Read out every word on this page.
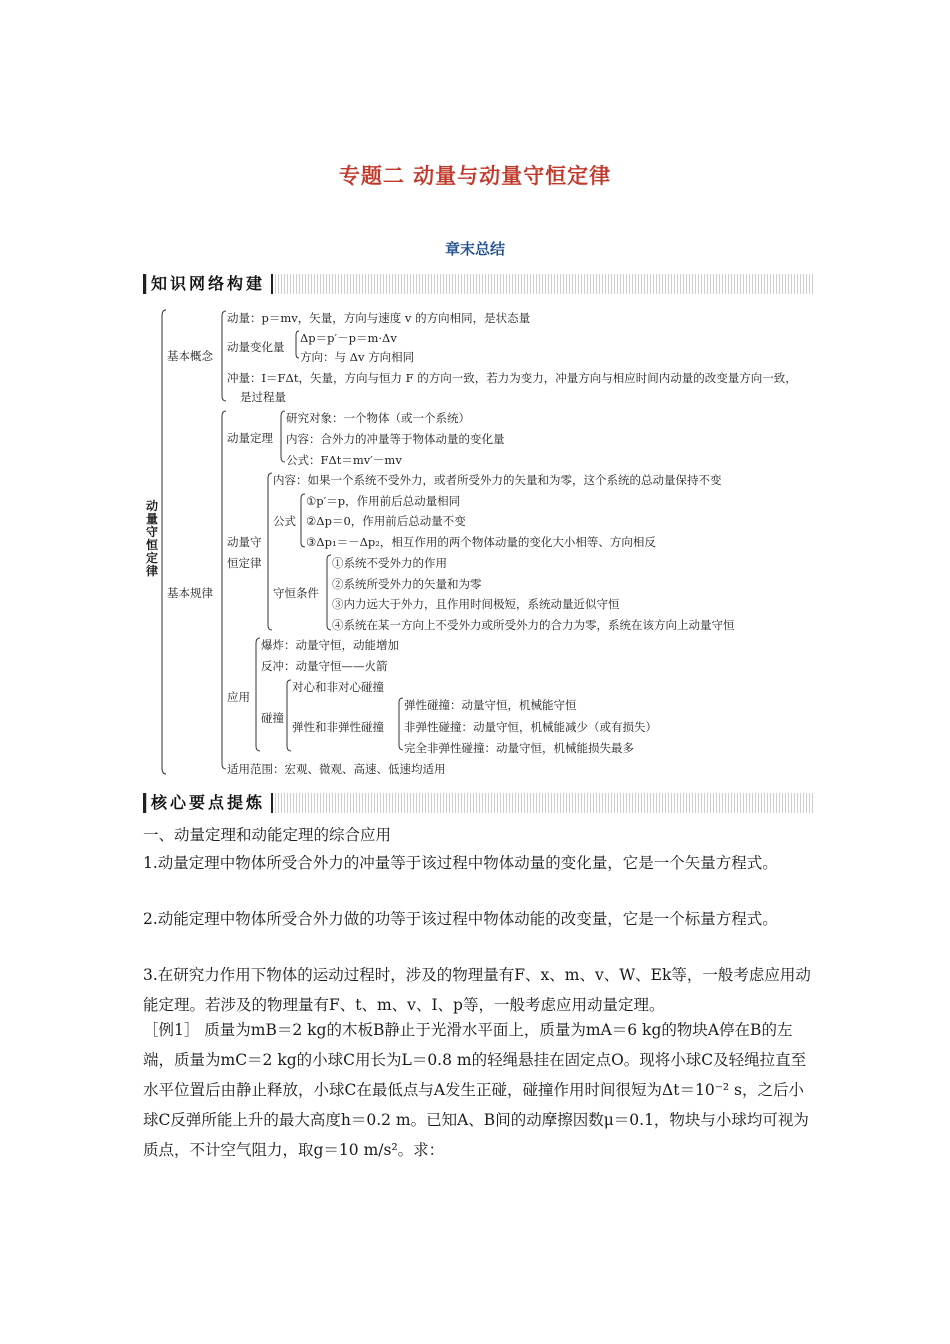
专题二 动量与动量守恒定律
章末总结
知识网络构建
动量守恒定律
基本概念
动量：p＝mv，矢量，方向与速度 v 的方向相同，是状态量
动量变化量
Δp＝p′－p＝m·Δv
方向：与 Δv 方向相同
冲量：I＝FΔt，矢量，方向与恒力 F 的方向一致，若力为变力，冲量方向与相应时间内动量的改变量方向一致，
是过程量
基本规律
动量定理
研究对象：一个物体（或一个系统）
内容：合外力的冲量等于物体动量的变化量
公式：FΔt＝mv′－mv
动量守
恒定律
内容：如果一个系统不受外力，或者所受外力的矢量和为零，这个系统的总动量保持不变
公式
①p′＝p，作用前后总动量相同
②Δp＝0，作用前后总动量不变
③Δp₁＝－Δp₂，相互作用的两个物体动量的变化大小相等、方向相反
守恒条件
①系统不受外力的作用
②系统所受外力的矢量和为零
③内力远大于外力，且作用时间极短，系统动量近似守恒
④系统在某一方向上不受外力或所受外力的合力为零，系统在该方向上动量守恒
应用
爆炸：动量守恒，动能增加
反冲：动量守恒——火箭
碰撞
对心和非对心碰撞
弹性和非弹性碰撞
弹性碰撞：动量守恒，机械能守恒
非弹性碰撞：动量守恒，机械能减少（或有损失）
完全非弹性碰撞：动量守恒，机械能损失最多
适用范围：宏观、微观、高速、低速均适用
核心要点提炼
一、动量定理和动能定理的综合应用
1.动量定理中物体所受合外力的冲量等于该过程中物体动量的变化量，它是一个矢量方程式。
2.动能定理中物体所受合外力做的功等于该过程中物体动能的改变量，它是一个标量方程式。
3.在研究力作用下物体的运动过程时，涉及的物理量有F、x、m、v、W、Ek等，一般考虑应用动能定理。若涉及的物理量有F、t、m、v、I、p等，一般考虑应用动量定理。
［例1］ 质量为mB＝2 kg的木板B静止于光滑水平面上，质量为mA＝6 kg的物块A停在B的左端，质量为mC＝2 kg的小球C用长为L＝0.8 m的轻绳悬挂在固定点O。现将小球C及轻绳拉直至水平位置后由静止释放，小球C在最低点与A发生正碰，碰撞作用时间很短为Δt＝10⁻² s，之后小球C反弹所能上升的最大高度h＝0.2 m。已知A、B间的动摩擦因数μ＝0.1，物块与小球均可视为质点，不计空气阻力，取g＝10 m/s²。求：
